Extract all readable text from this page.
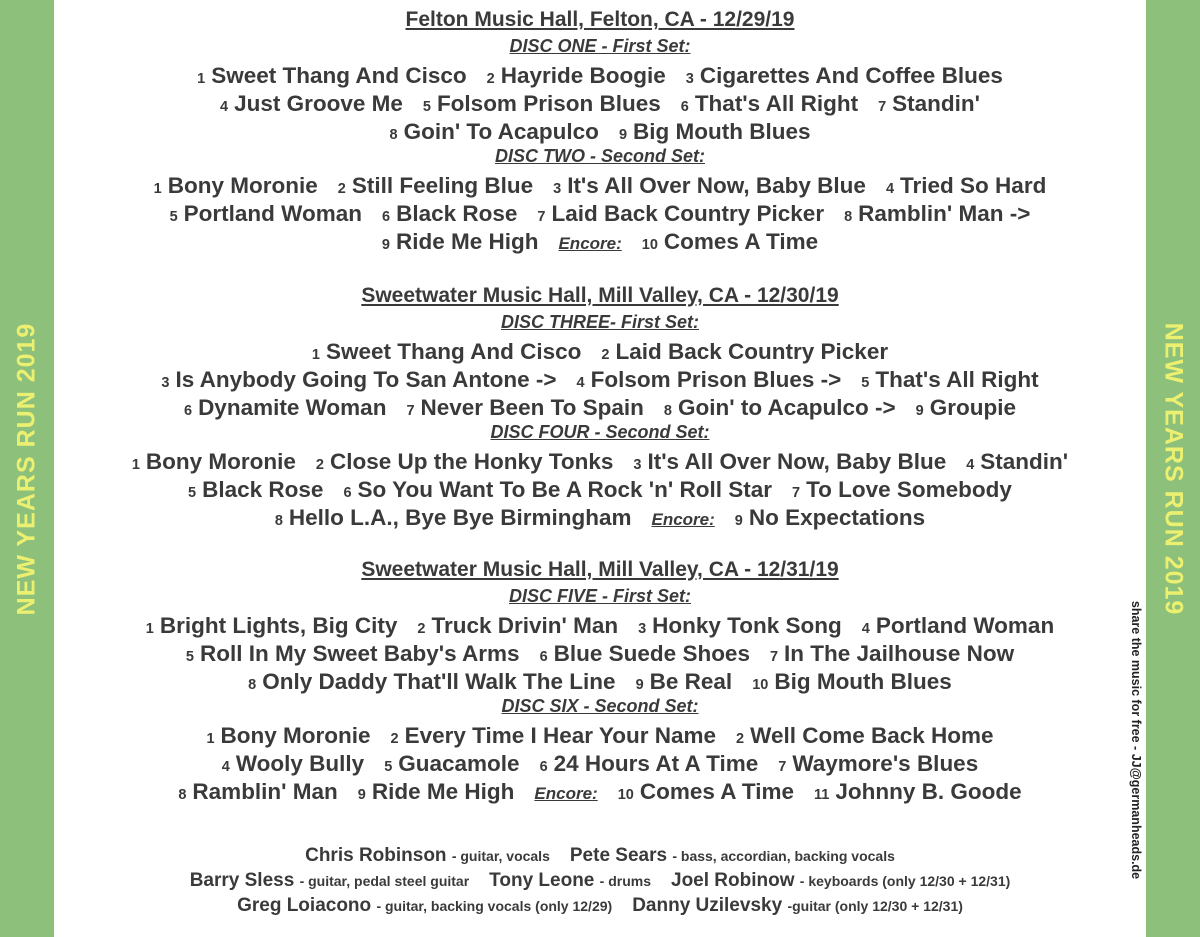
NEW YEARS RUN 2019	NEW YEARS RUN 2019
share the music for free - JJ@germanheads.de
Felton Music Hall, Felton, CA - 12/29/19
DISC ONE - First Set:
1 Sweet Thang And Cisco 2 Hayride Boogie 3 Cigarettes And Coffee Blues
4 Just Groove Me 5 Folsom Prison Blues 6 That's All Right 7 Standin'
8 Goin' To Acapulco 9 Big Mouth Blues
DISC TWO - Second Set:
1 Bony Moronie 2 Still Feeling Blue 3 It's All Over Now, Baby Blue 4 Tried So Hard
5 Portland Woman 6 Black Rose 7 Laid Back Country Picker 8 Ramblin' Man ->
9 Ride Me High Encore: 10 Comes A Time
Sweetwater Music Hall, Mill Valley, CA - 12/30/19
DISC THREE- First Set:
1 Sweet Thang And Cisco 2 Laid Back Country Picker
3 Is Anybody Going To San Antone -> 4 Folsom Prison Blues -> 5 That's All Right
6 Dynamite Woman 7 Never Been To Spain 8 Goin' to Acapulco -> 9 Groupie
DISC FOUR - Second Set:
1 Bony Moronie 2 Close Up the Honky Tonks 3 It's All Over Now, Baby Blue 4 Standin'
5 Black Rose 6 So You Want To Be A Rock 'n' Roll Star 7 To Love Somebody
8 Hello L.A., Bye Bye Birmingham Encore: 9 No Expectations
Sweetwater Music Hall, Mill Valley, CA - 12/31/19
DISC FIVE - First Set:
1 Bright Lights, Big City 2 Truck Drivin' Man 3 Honky Tonk Song 4 Portland Woman
5 Roll In My Sweet Baby's Arms 6 Blue Suede Shoes 7 In The Jailhouse Now
8 Only Daddy That'll Walk The Line 9 Be Real 10 Big Mouth Blues
DISC SIX - Second Set:
1 Bony Moronie 2 Every Time I Hear Your Name 2 Well Come Back Home
4 Wooly Bully 5 Guacamole 6 24 Hours At A Time 7 Waymore's Blues
8 Ramblin' Man 9 Ride Me High Encore: 10 Comes A Time 11 Johnny B. Goode
Chris Robinson - guitar, vocals Pete Sears - bass, accordian, backing vocals
Barry Sless - guitar, pedal steel guitar Tony Leone - drums Joel Robinow - keyboards (only 12/30 + 12/31)
Greg Loiacono - guitar, backing vocals (only 12/29) Danny Uzilevsky -guitar (only 12/30 + 12/31)
